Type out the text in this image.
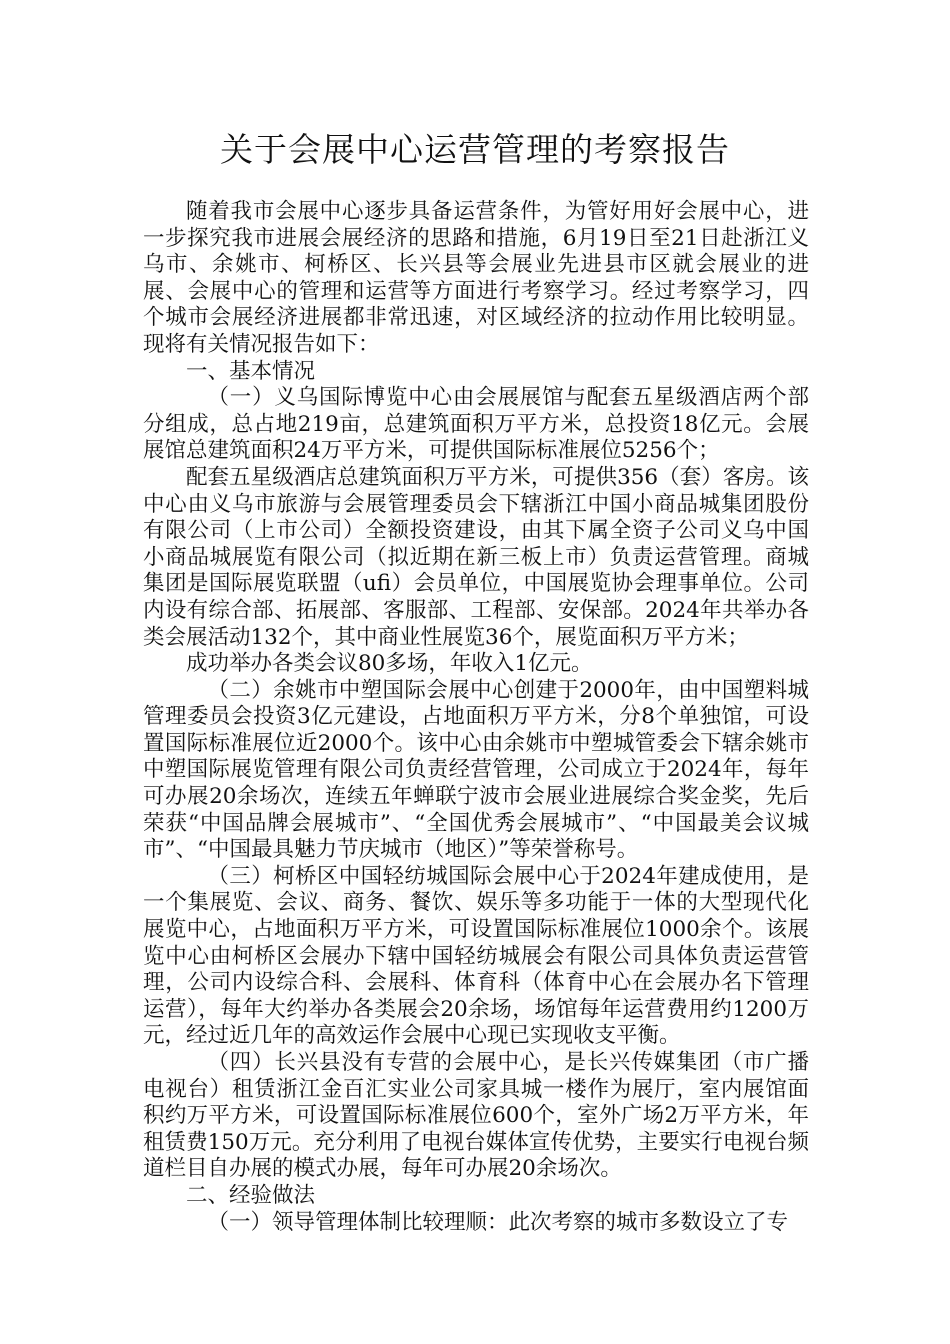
关于会展中心运营管理的考察报告

随着我市会展中心逐步具备运营条件，为管好用好会展中心，进一步探究我市进展会展经济的思路和措施，6月19日至21日赴浙江义乌市、余姚市、柯桥区、长兴县等会展业先进县市区就会展业的进展、会展中心的管理和运营等方面进行考察学习。经过考察学习，四个城市会展经济进展都非常迅速，对区域经济的拉动作用比较明显。现将有关情况报告如下：

一、基本情况

（一）义乌国际博览中心由会展展馆与配套五星级酒店两个部分组成，总占地219亩，总建筑面积万平方米，总投资18亿元。会展展馆总建筑面积24万平方米，可提供国际标准展位5256个；

配套五星级酒店总建筑面积万平方米，可提供356（套）客房。该中心由义乌市旅游与会展管理委员会下辖浙江中国小商品城集团股份有限公司（上市公司）全额投资建设，由其下属全资子公司义乌中国小商品城展览有限公司（拟近期在新三板上市）负责运营管理。商城集团是国际展览联盟（ufi）会员单位，中国展览协会理事单位。公司内设有综合部、拓展部、客服部、工程部、安保部。2024年共举办各类会展活动132个，其中商业性展览36个，展览面积万平方米；

成功举办各类会议80多场，年收入1亿元。

（二）余姚市中塑国际会展中心创建于2000年，由中国塑料城管理委员会投资3亿元建设，占地面积万平方米，分8个单独馆，可设置国际标准展位近2000个。该中心由余姚市中塑城管委会下辖余姚市中塑国际展览管理有限公司负责经营管理，公司成立于2024年，每年可办展20余场次，连续五年蝉联宁波市会展业进展综合奖金奖，先后荣获“中国品牌会展城市”、“全国优秀会展城市”、“中国最美会议城市”、“中国最具魅力节庆城市（地区）”等荣誉称号。

（三）柯桥区中国轻纺城国际会展中心于2024年建成使用，是一个集展览、会议、商务、餐饮、娱乐等多功能于一体的大型现代化展览中心，占地面积万平方米，可设置国际标准展位1000余个。该展览中心由柯桥区会展办下辖中国轻纺城展会有限公司具体负责运营管理，公司内设综合科、会展科、体育科（体育中心在会展办名下管理运营），每年大约举办各类展会20余场，场馆每年运营费用约1200万元，经过近几年的高效运作会展中心现已实现收支平衡。

（四）长兴县没有专营的会展中心，是长兴传媒集团（市广播电视台）租赁浙江金百汇实业公司家具城一楼作为展厅，室内展馆面积约万平方米，可设置国际标准展位600个，室外广场2万平方米，年租赁费150万元。充分利用了电视台媒体宣传优势，主要实行电视台频道栏目自办展的模式办展，每年可办展20余场次。

二、经验做法

（一）领导管理体制比较理顺：此次考察的城市多数设立了专
